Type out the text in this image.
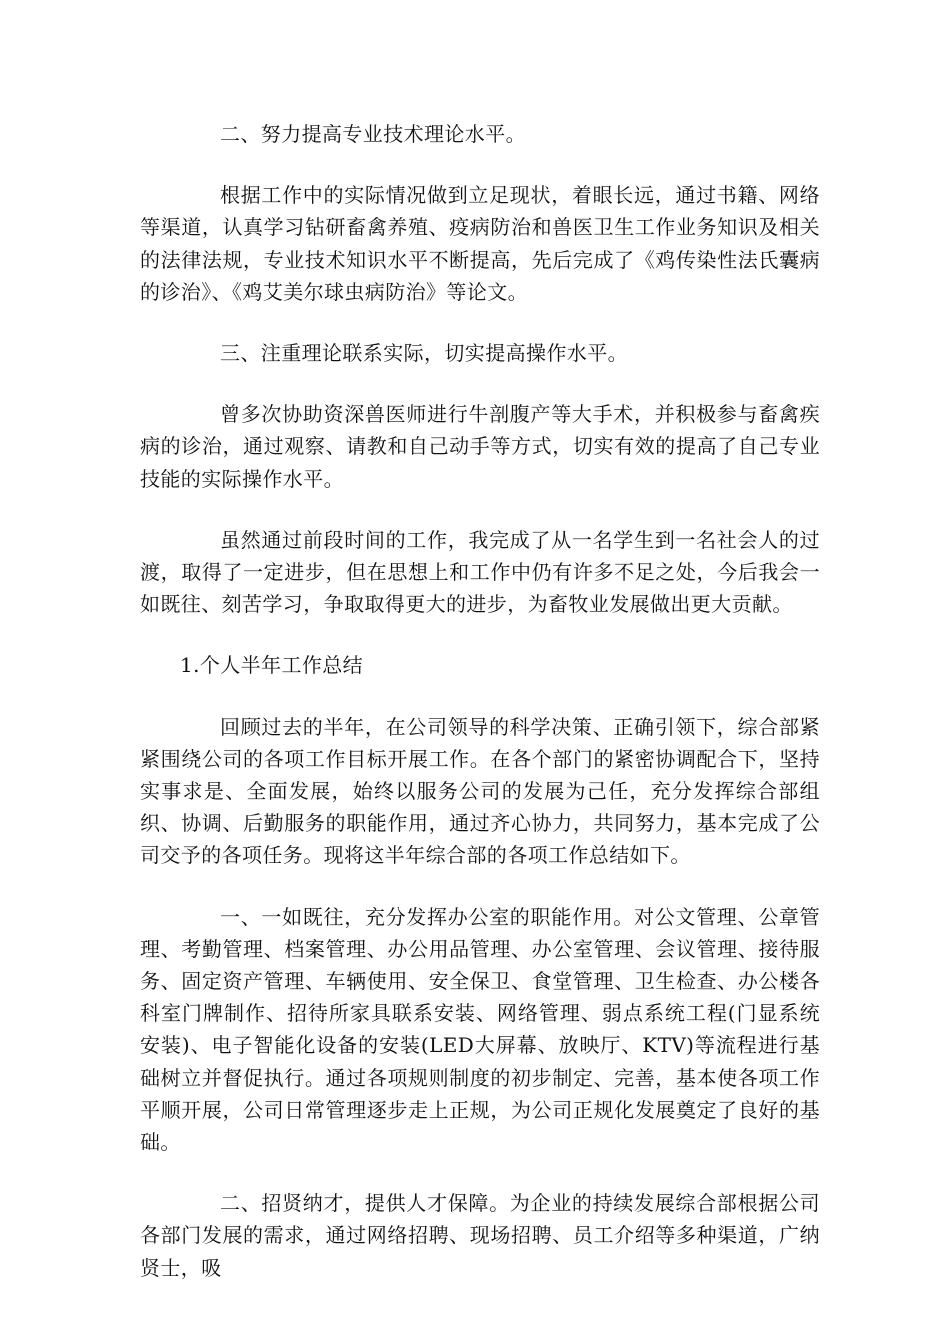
二、努力提高专业技术理论水平。

根据工作中的实际情况做到立足现状，着眼长远，通过书籍、网络等渠道，认真学习钻研畜禽养殖、疫病防治和兽医卫生工作业务知识及相关的法律法规，专业技术知识水平不断提高，先后完成了《鸡传染性法氏囊病的诊治》、《鸡艾美尔球虫病防治》等论文。

三、注重理论联系实际，切实提高操作水平。

曾多次协助资深兽医师进行牛剖腹产等大手术，并积极参与畜禽疾病的诊治，通过观察、请教和自己动手等方式，切实有效的提高了自己专业技能的实际操作水平。

虽然通过前段时间的工作，我完成了从一名学生到一名社会人的过渡，取得了一定进步，但在思想上和工作中仍有许多不足之处，今后我会一如既往、刻苦学习，争取取得更大的进步，为畜牧业发展做出更大贡献。

1.个人半年工作总结

回顾过去的半年，在公司领导的科学决策、正确引领下，综合部紧紧围绕公司的各项工作目标开展工作。在各个部门的紧密协调配合下，坚持实事求是、全面发展，始终以服务公司的发展为己任，充分发挥综合部组织、协调、后勤服务的职能作用，通过齐心协力，共同努力，基本完成了公司交予的各项任务。现将这半年综合部的各项工作总结如下。

一、一如既往，充分发挥办公室的职能作用。对公文管理、公章管理、考勤管理、档案管理、办公用品管理、办公室管理、会议管理、接待服务、固定资产管理、车辆使用、安全保卫、食堂管理、卫生检查、办公楼各科室门牌制作、招待所家具联系安装、网络管理、弱点系统工程(门显系统安装)、电子智能化设备的安装(LED大屏幕、放映厅、KTV)等流程进行基础树立并督促执行。通过各项规则制度的初步制定、完善，基本使各项工作平顺开展，公司日常管理逐步走上正规，为公司正规化发展奠定了良好的基础。

二、招贤纳才，提供人才保障。为企业的持续发展综合部根据公司各部门发展的需求，通过网络招聘、现场招聘、员工介绍等多种渠道，广纳贤士，吸
